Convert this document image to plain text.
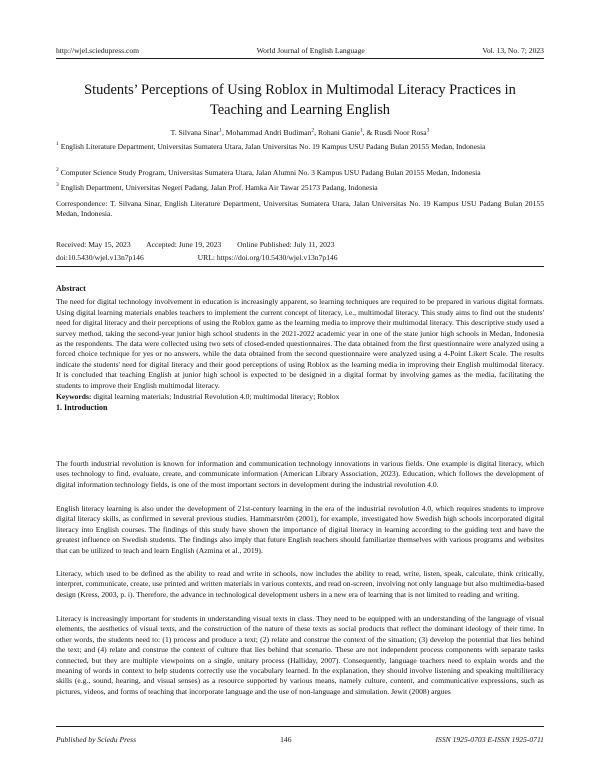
http://wjel.sciedupress.com	World Journal of English Language	Vol. 13, No. 7; 2023
Students’ Perceptions of Using Roblox in Multimodal Literacy Practices in
Teaching and Learning English
T. Silvana Sinar$^1$, Mohammad Andri Budiman$^2$, Rohani Ganie$^1$, & Rusdi Noor Rosa$^3$

$^1$ English Literature Department, Universitas Sumatera Utara, Jalan Universitas No. 19 Kampus USU Padang Bulan 20155 Medan, Indonesia

$^2$ Computer Science Study Program, Universitas Sumatera Utara, Jalan Alumni No. 3 Kampus USU Padang Bulan 20155 Medan, Indonesia

$^3$ English Department, Universitas Negeri Padang, Jalan Prof. Hamka Air Tawar 25173 Padang, Indonesia

Correspondence: T. Silvana Sinar, English Literature Department, Universitas Sumatera Utara, Jalan Universitas No. 19 Kampus USU Padang Bulan 20155 Medan, Indonesia.

Received: May 15, 2023 Accepted: June 19, 2023 Online Published: July 11, 2023
doi:10.5430/wjel.v13n7p146	URL: https://doi.org/10.5430/wjel.v13n7p146

Abstract

The need for digital technology involvement in education is increasingly apparent, so learning techniques are required to be prepared in various digital formats. Using digital learning materials enables teachers to implement the current concept of literacy, i.e., multimodal literacy. This study aims to find out the students' need for digital literacy and their perceptions of using the Roblox game as the learning media to improve their multimodal literacy. This descriptive study used a survey method, taking the second-year junior high school students in the 2021-2022 academic year in one of the state junior high schools in Medan, Indonesia as the respondents. The data were collected using two sets of closed-ended questionnaires. The data obtained from the first questionnaire were analyzed using a forced choice technique for yes or no answers, while the data obtained from the second questionnaire were analyzed using a 4-Point Likert Scale. The results indicate the students' need for digital literacy and their good perceptions of using Roblox as the learning media in improving their English multimodal literacy. It is concluded that teaching English at junior high school is expected to be designed in a digital format by involving games as the media, facilitating the students to improve their English multimodal literacy.

Keywords: digital learning materials; Industrial Revolution 4.0; multimodal literacy; Roblox

1. Introduction

The fourth industrial revolution is known for information and communication technology innovations in various fields. One example is digital literacy, which uses technology to find, evaluate, create, and communicate information (American Library Association, 2023). Education, which follows the development of digital information technology fields, is one of the most important sectors in development during the industrial revolution 4.0.

English literacy learning is also under the development of 21st-century learning in the era of the industrial revolution 4.0, which requires students to improve digital literacy skills, as confirmed in several previous studies. Hammarström (2001), for example, investigated how Swedish high schools incorporated digital literacy into English courses. The findings of this study have shown the importance of digital literacy in learning according to the guiding text and have the greatest influence on Swedish students. The findings also imply that future English teachers should familiarize themselves with various programs and websites that can be utilized to teach and learn English (Azmina et al., 2019).

Literacy, which used to be defined as the ability to read and write in schools, now includes the ability to read, write, listen, speak, calculate, think critically, interpret, communicate, create, use printed and written materials in various contexts, and read on-screen, involving not only language but also multimedia-based design (Kress, 2003, p. i). Therefore, the advance in technological development ushers in a new era of learning that is not limited to reading and writing.

Literacy is increasingly important for students in understanding visual texts in class. They need to be equipped with an understanding of the language of visual elements, the aesthetics of visual texts, and the construction of the nature of these texts as social products that reflect the dominant ideology of their time. In other words, the students need to: (1) process and produce a text; (2) relate and construe the context of the situation; (3) develop the potential that lies behind the text; and (4) relate and construe the context of culture that lies behind that scenario. These are not independent process components with separate tasks connected, but they are multiple viewpoints on a single, unitary process (Halliday, 2007). Consequently, language teachers need to explain words and the meaning of words in context to help students correctly use the vocabulary learned. In the explanation, they should involve listening and speaking multiliteracy skills (e.g., sound, hearing, and visual senses) as a resource supported by various means, namely culture, content, and communicative expressions, such as pictures, videos, and forms of teaching that incorporate language and the use of non-language and simulation. Jewit (2008) argues

Published by Sciedu Press	146	ISSN 1925-0703 E-ISSN 1925-0711
